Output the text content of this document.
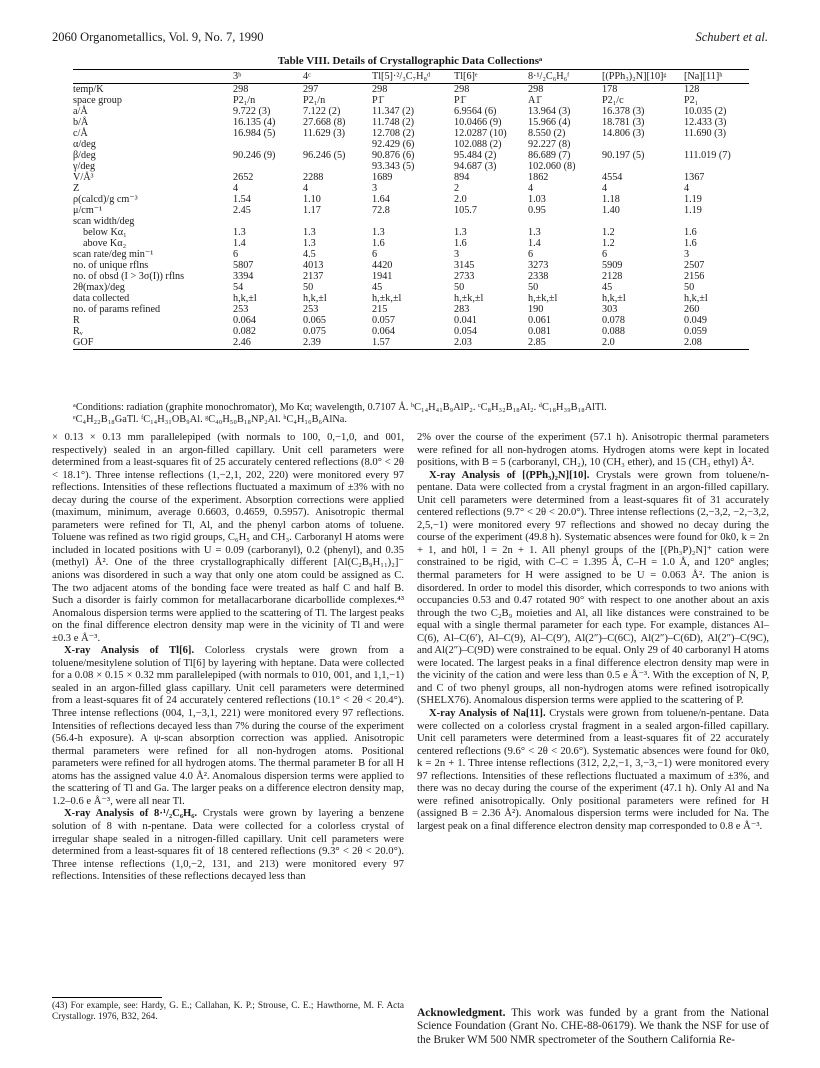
2060 Organometallics, Vol. 9, No. 7, 1990	Schubert et al.
Table VIII. Details of Crystallographic Data Collectionsᵃ
	3ᵇ	4ᶜ	Tl[5]·²/₃C₇H₈ᵈ	Tl[6]ᵉ	8·¹/₂C₆H₆ᶠ	[(PPh₃)₂N][10]ᵍ	[Na][11]ʰ
temp/K	298	297	298	298	298	178	128
space group	P2₁/n	P2₁/n	P1̄	P1̄	A1̄	P2₁/c	P2₁
a/Å	9.722 (3)	7.122 (2)	11.347 (2)	6.9564 (6)	13.964 (3)	16.378 (3)	10.035 (2)
b/Å	16.135 (4)	27.668 (8)	11.748 (2)	10.0466 (9)	15.966 (4)	18.781 (3)	12.433 (3)
c/Å	16.984 (5)	11.629 (3)	12.708 (2)	12.0287 (10)	8.550 (2)	14.806 (3)	11.690 (3)
α/deg			92.429 (6)	102.088 (2)	92.227 (8)		
β/deg	90.246 (9)	96.246 (5)	90.876 (6)	95.484 (2)	86.689 (7)	90.197 (5)	111.019 (7)
γ/deg			93.343 (5)	94.687 (3)	102.060 (8)		
V/Å³	2652	2288	1689	894	1862	4554	1367
Z	4	4	3	2	4	4	4
ρ(calcd)/g cm⁻³	1.54	1.10	1.64	2.0	1.03	1.18	1.19
μ/cm⁻¹	2.45	1.17	72.8	105.7	0.95	1.40	1.19
scan width/deg							
below Kα₁	1.3	1.3	1.3	1.3	1.3	1.2	1.6
above Kα₂	1.4	1.3	1.6	1.6	1.4	1.2	1.6
scan rate/deg min⁻¹	6	4.5	6	3	6	6	3
no. of unique rflns	5807	4013	4420	3145	3273	5909	2507
no. of obsd (I > 3σ(I)) rflns	3394	2137	1941	2733	2338	2128	2156
2θ(max)/deg	54	50	45	50	50	45	50
data collected	h,k,±l	h,k,±l	h,±k,±l	h,±k,±l	h,±k,±l	h,k,±l	h,k,±l
no. of params refined	253	253	215	283	190	303	260
R	0.064	0.065	0.057	0.041	0.061	0.078	0.049
Rᵥ	0.082	0.075	0.064	0.054	0.081	0.088	0.059
GOF	2.46	2.39	1.57	2.03	2.85	2.0	2.08
ᵃConditions: radiation (graphite monochromator), Mo Kα; wavelength, 0.7107 Å. ᵇC₁₄H₄₁B₉AlP₂. ᶜC₈H₃₂B₁₈Al₂. ᵈC₁₈H₃₉B₁₈AlTl.
ᵉC₄H₂₂B₁₈GaTl. ᶠC₁₄H₃₁OB₉Al. ᵍC₄₀H₅₀B₁₈NP₂Al. ʰC₄H₁₆B₆AlNa.

× 0.13 × 0.13 mm parallelepiped (with normals to 100, 0,−1,0, and 001, respectively) sealed in an argon-filled capillary. Unit cell parameters were determined from a least-squares fit of 25 accurately centered reflections (8.0° < 2θ < 18.1°). Three intense reflections (1,−2,1, 202, 220) were monitored every 97 reflections. Intensities of these reflections fluctuated a maximum of ±3% with no decay during the course of the experiment. Absorption corrections were applied (maximum, minimum, average 0.6603, 0.4659, 0.5957). Anisotropic thermal parameters were refined for Tl, Al, and the phenyl carbon atoms of toluene. Toluene was refined as two rigid groups, C₆H₅ and CH₃. Carboranyl H atoms were included in located positions with U = 0.09 (carboranyl), 0.2 (phenyl), and 0.35 (methyl) Å². One of the three crystallographically different [Al(C₂B₉H₁₁)₂]⁻ anions was disordered in such a way that only one atom could be assigned as C. The two adjacent atoms of the bonding face were treated as half C and half B. Such a disorder is fairly common for metallacarborane dicarbollide complexes.⁴³ Anomalous dispersion terms were applied to the scattering of Tl. The largest peaks on the final difference electron density map were in the vicinity of Tl and were ±0.3 e Å⁻³.

X-ray Analysis of Tl[6]. Colorless crystals were grown from a toluene/mesitylene solution of Tl[6] by layering with heptane. Data were collected for a 0.08 × 0.15 × 0.32 mm parallelepiped (with normals to 010, 001, and 1,1,−1) sealed in an argon-filled glass capillary. Unit cell parameters were determined from a least-squares fit of 24 accurately centered reflections (10.1° < 2θ < 20.4°). Three intense reflections (004, 1,−3,1, 221) were monitored every 97 reflections. Intensities of reflections decayed less than 7% during the course of the experiment (56.4-h exposure). A ψ-scan absorption correction was applied. Anisotropic thermal parameters were refined for all non-hydrogen atoms. Positional parameters were refined for all hydrogen atoms. The thermal parameter B for all H atoms has the assigned value 4.0 Å². Anomalous dispersion terms were applied to the scattering of Tl and Ga. The larger peaks on a difference electron density map, 1.2–0.6 e Å⁻³, were all near Tl.

X-ray Analysis of 8·¹/₂C₆H₆. Crystals were grown by layering a benzene solution of 8 with n-pentane. Data were collected for a colorless crystal of irregular shape sealed in a nitrogen-filled capillary. Unit cell parameters were determined from a least-squares fit of 18 centered reflections (9.3° < 2θ < 20.0°). Three intense reflections (1,0,−2, 131, and 213) were monitored every 97 reflections. Intensities of these reflections decayed less than

(43) For example, see: Hardy, G. E.; Callahan, K. P.; Strouse, C. E.; Hawthorne, M. F. Acta Crystallogr. 1976, B32, 264.

2% over the course of the experiment (57.1 h). Anisotropic thermal parameters were refined for all non-hydrogen atoms. Hydrogen atoms were kept in located positions, with B = 5 (carboranyl, CH₂), 10 (CH₃ ether), and 15 (CH₃ ethyl) Å².

X-ray Analysis of [(PPh₃)₂N][10]. Crystals were grown from toluene/n-pentane. Data were collected from a crystal fragment in an argon-filled capillary. Unit cell parameters were determined from a least-squares fit of 31 accurately centered reflections (9.7° < 2θ < 20.0°). Three intense reflections (2,−3,2, −2,−3,2, 2,5,−1) were monitored every 97 reflections and showed no decay during the course of the experiment (49.8 h). Systematic absences were found for 0k0, k = 2n + 1, and h0l, l = 2n + 1. All phenyl groups of the [(Ph₃P)₂N]⁺ cation were constrained to be rigid, with C–C = 1.395 Å, C–H = 1.0 Å, and 120° angles; thermal parameters for H were assigned to be U = 0.063 Å². The anion is disordered. In order to model this disorder, which corresponds to two anions with occupancies 0.53 and 0.47 rotated 90° with respect to one another about an axis through the two C₂B₉ moieties and Al, all like distances were constrained to be equal with a single thermal parameter for each type. For example, distances Al–C(6), Al–C(6′), Al–C(9), Al–C(9′), Al(2″)–C(6C), Al(2″)–C(6D), Al(2″)–C(9C), and Al(2″)–C(9D) were constrained to be equal. Only 29 of 40 carboranyl H atoms were located. The largest peaks in a final difference electron density map were in the vicinity of the cation and were less than 0.5 e Å⁻³. With the exception of N, P, and C of two phenyl groups, all non-hydrogen atoms were refined isotropically (SHELX76). Anomalous dispersion terms were applied to the scattering of P.

X-ray Analysis of Na[11]. Crystals were grown from toluene/n-pentane. Data were collected on a colorless crystal fragment in a sealed argon-filled capillary. Unit cell parameters were determined from a least-squares fit of 22 accurately centered reflections (9.6° < 2θ < 20.6°). Systematic absences were found for 0k0, k = 2n + 1. Three intense reflections (312, 2,2,−1, 3,−3,−1) were monitored every 97 reflections. Intensities of these reflections fluctuated a maximum of ±3%, and there was no decay during the course of the experiment (47.1 h). Only Al and Na were refined anisotropically. Only positional parameters were refined for H (assigned B = 2.36 Å²). Anomalous dispersion terms were included for Na. The largest peak on a final difference electron density map corresponded to 0.8 e Å⁻³.

Acknowledgment. This work was funded by a grant from the National Science Foundation (Grant No. CHE-88-06179). We thank the NSF for use of the Bruker WM 500 NMR spectrometer of the Southern California Re-
